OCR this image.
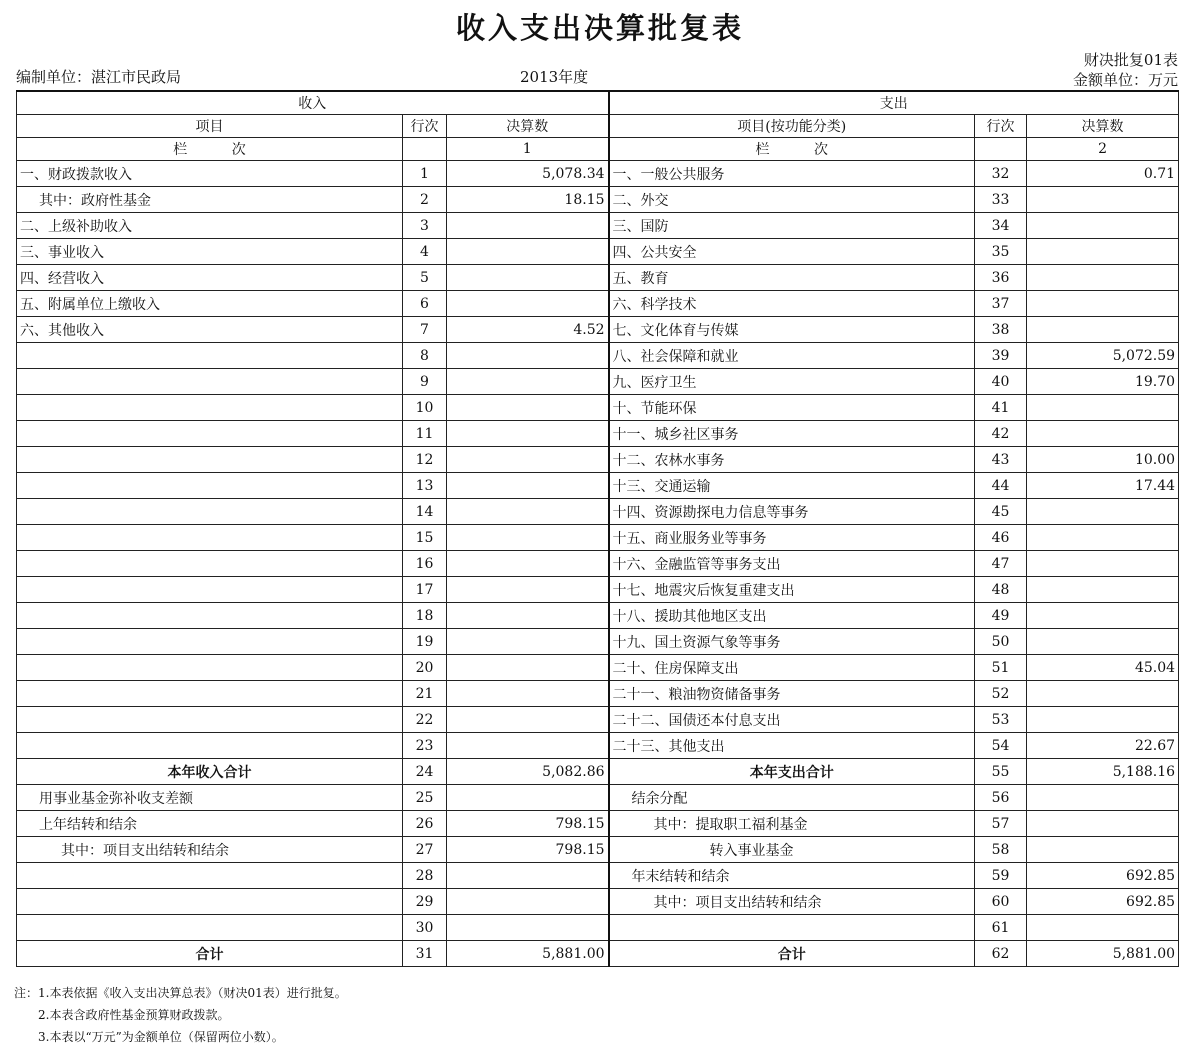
收入支出决算批复表
编制单位：湛江市民政局	2013年度
财决批复01表
金额单位：万元
收入			支出		
项目	行次	决算数	项目(按功能分类)	行次	决算数
栏          次		1	栏          次		2
一、财政拨款收入	1	5,078.34	一、一般公共服务	32	0.71
其中：政府性基金	2	18.15	二、外交	33	
二、上级补助收入	3		三、国防	34	
三、事业收入	4		四、公共安全	35	
四、经营收入	5		五、教育	36	
五、附属单位上缴收入	6		六、科学技术	37	
六、其他收入	7	4.52	七、文化体育与传媒	38	
	8		八、社会保障和就业	39	5,072.59
	9		九、医疗卫生	40	19.70
	10		十、节能环保	41	
	11		十一、城乡社区事务	42	
	12		十二、农林水事务	43	10.00
	13		十三、交通运输	44	17.44
	14		十四、资源勘探电力信息等事务	45	
	15		十五、商业服务业等事务	46	
	16		十六、金融监管等事务支出	47	
	17		十七、地震灾后恢复重建支出	48	
	18		十八、援助其他地区支出	49	
	19		十九、国土资源气象等事务	50	
	20		二十、住房保障支出	51	45.04
	21		二十一、粮油物资储备事务	52	
	22		二十二、国债还本付息支出	53	
	23		二十三、其他支出	54	22.67
本年收入合计	24	5,082.86	本年支出合计	55	5,188.16
用事业基金弥补收支差额	25		结余分配	56	
上年结转和结余	26	798.15	其中：提取职工福利基金	57	
其中：项目支出结转和结余	27	798.15	转入事业基金	58	
	28		年末结转和结余	59	692.85
	29		其中：项目支出结转和结余	60	692.85
	30			61	
合计	31	5,881.00	合计	62	5,881.00
注：1.本表依据《收入支出决算总表》（财决01表）进行批复。
2.本表含政府性基金预算财政拨款。
3.本表以“万元”为金额单位（保留两位小数）。
